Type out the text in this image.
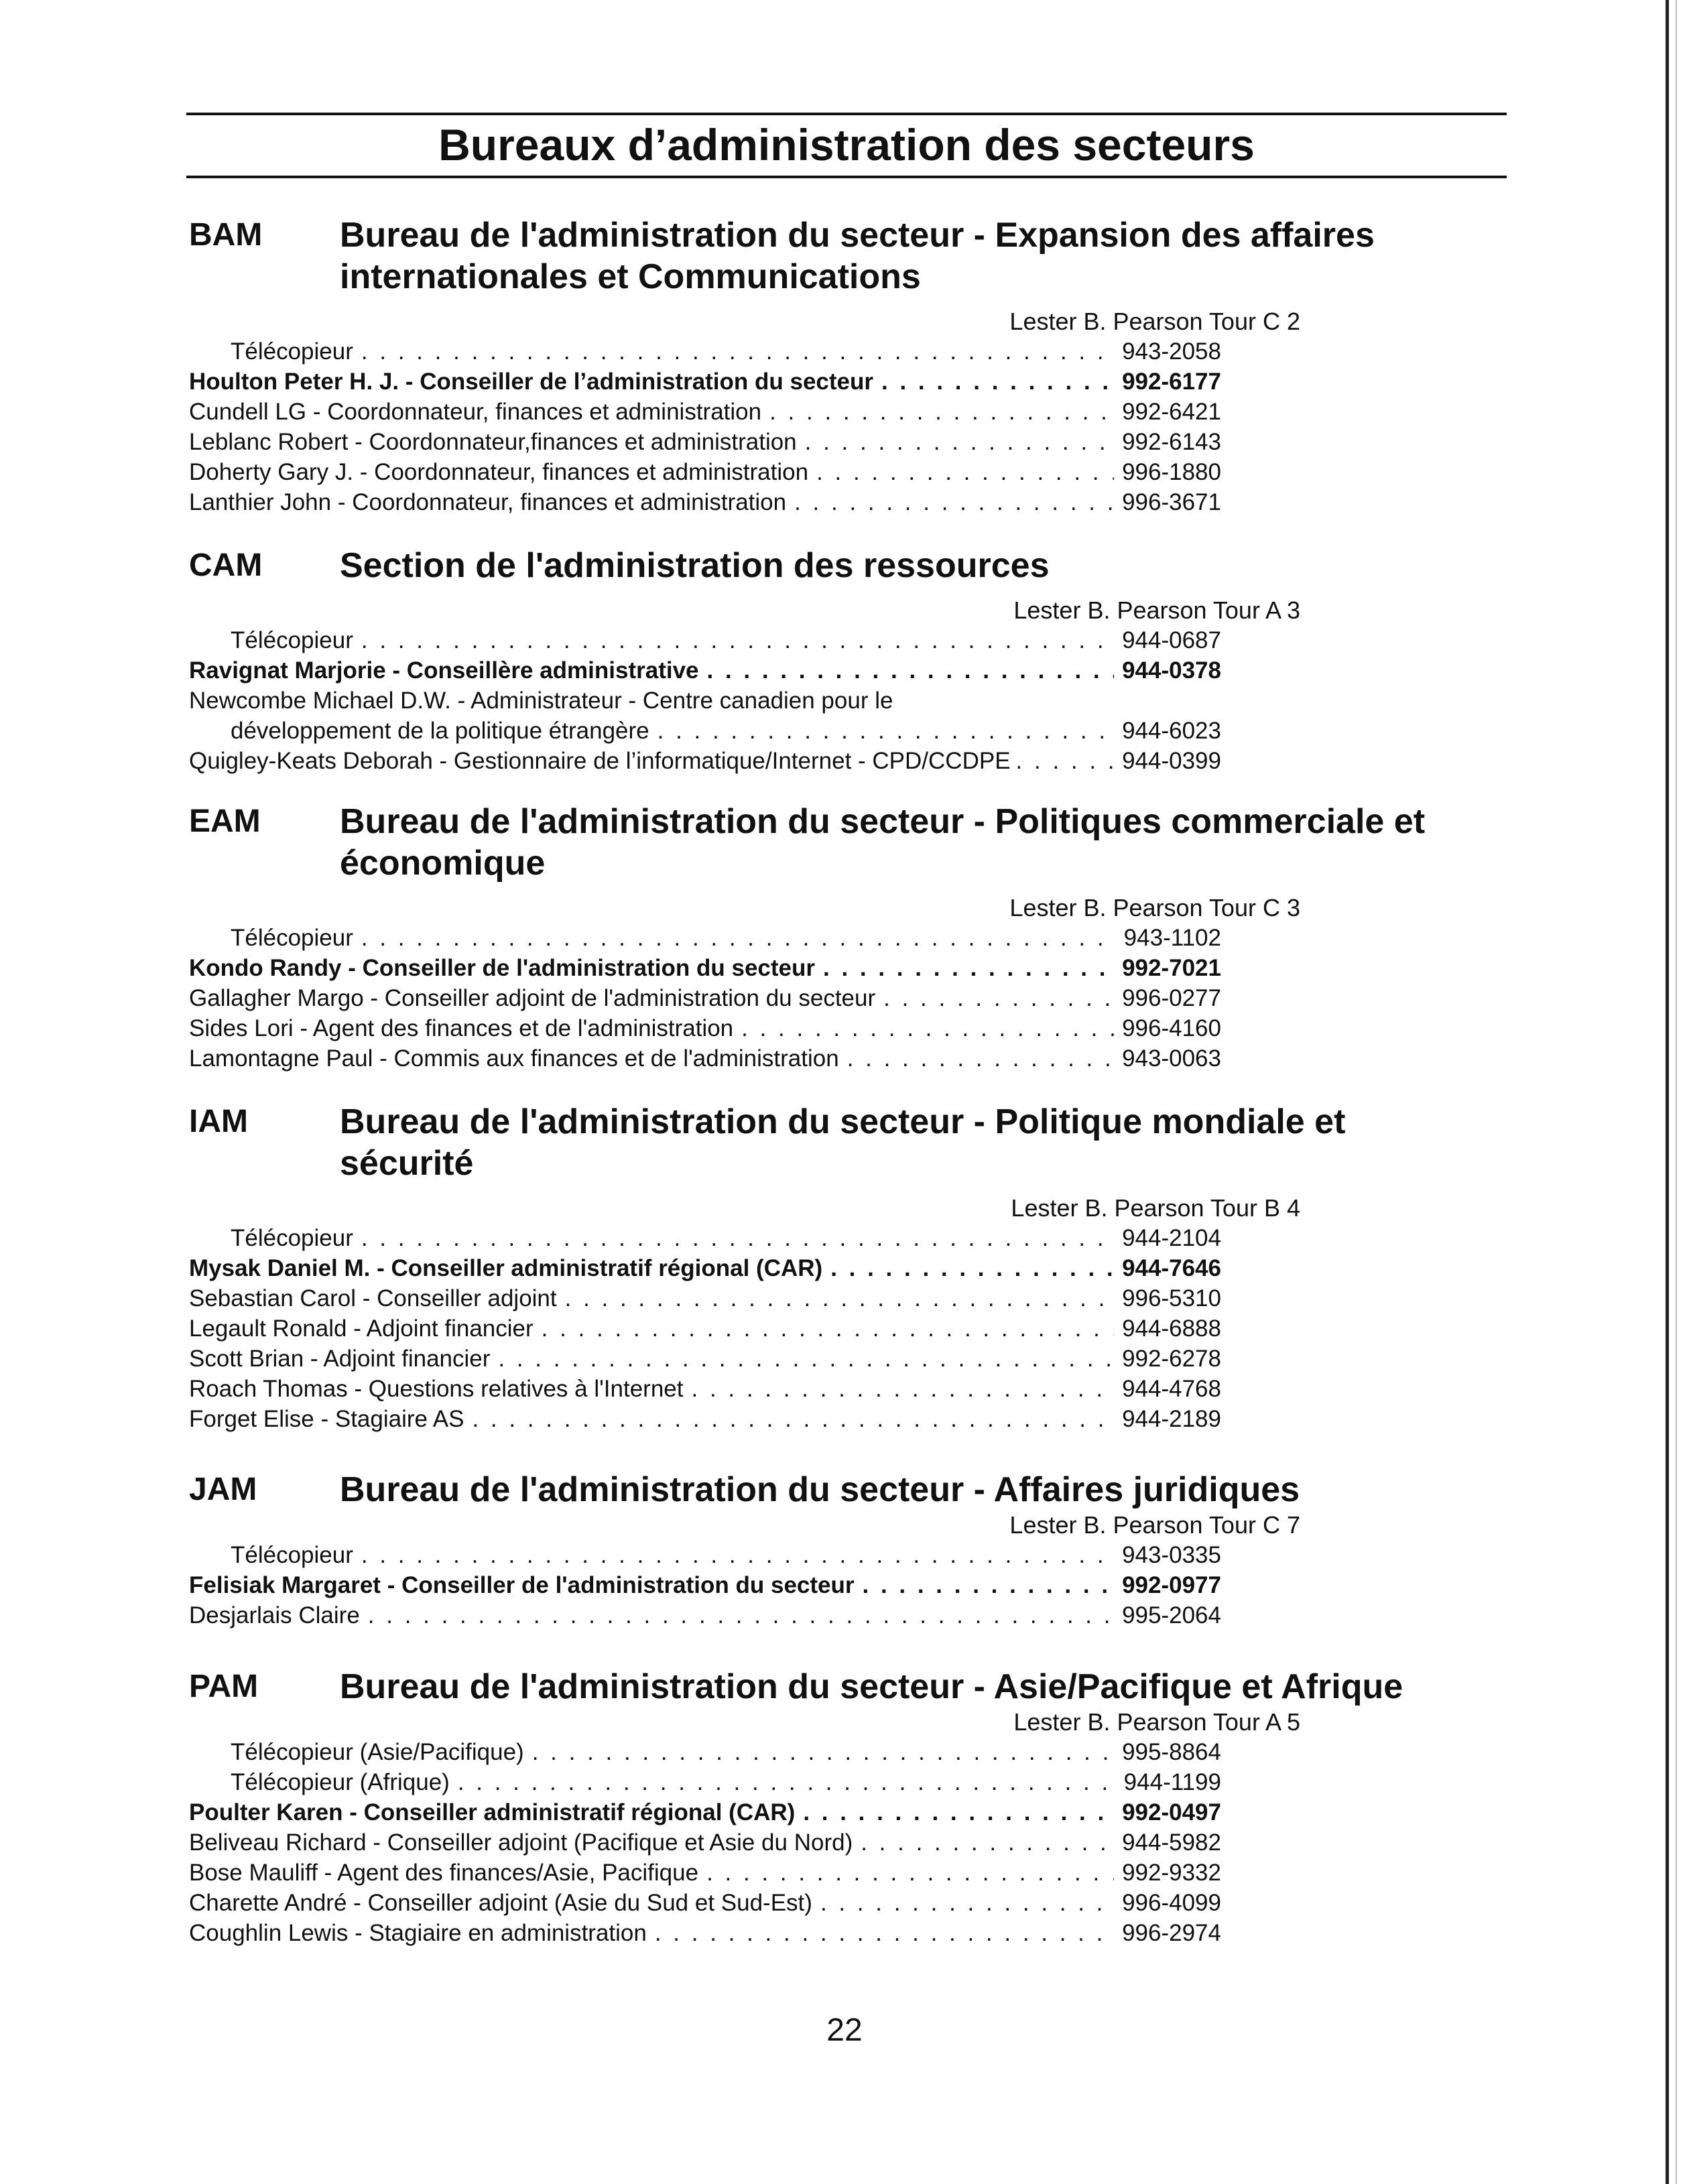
Bureaux d’administration des secteurs
BAM	Bureau de l'administration du secteur - Expansion des affaires
internationales et Communications
Lester B. Pearson Tour C 2
Télécopieur . . .	943-2058
Houlton Peter H. J. - Conseiller de l’administration du secteur . . .	992-6177
Cundell LG - Coordonnateur, finances et administration . . .	992-6421
Leblanc Robert - Coordonnateur,finances et administration . . .	992-6143
Doherty Gary J. - Coordonnateur, finances et administration . . .	996-1880
Lanthier John - Coordonnateur, finances et administration . . .	996-3671
CAM	Section de l'administration des ressources
Lester B. Pearson Tour A 3
Télécopieur . . .	944-0687
Ravignat Marjorie - Conseillère administrative . . .	944-0378
Newcombe Michael D.W. - Administrateur - Centre canadien pour le
développement de la politique étrangère . . .	944-6023
Quigley-Keats Deborah - Gestionnaire de l’informatique/Internet - CPD/CCDPE . . .	944-0399
EAM	Bureau de l'administration du secteur - Politiques commerciale et
économique
Lester B. Pearson Tour C 3
Télécopieur . . .	943-1102
Kondo Randy - Conseiller de l'administration du secteur . . .	992-7021
Gallagher Margo - Conseiller adjoint de l'administration du secteur . . .	996-0277
Sides Lori - Agent des finances et de l'administration . . .	996-4160
Lamontagne Paul - Commis aux finances et de l'administration . . .	943-0063
IAM	Bureau de l'administration du secteur - Politique mondiale et
sécurité
Lester B. Pearson Tour B 4
Télécopieur . . .	944-2104
Mysak Daniel M. - Conseiller administratif régional (CAR) . . .	944-7646
Sebastian Carol - Conseiller adjoint . . .	996-5310
Legault Ronald - Adjoint financier . . .	944-6888
Scott Brian - Adjoint financier . . .	992-6278
Roach Thomas - Questions relatives à l'Internet . . .	944-4768
Forget Elise - Stagiaire AS . . .	944-2189
JAM	Bureau de l'administration du secteur - Affaires juridiques
Lester B. Pearson Tour C 7
Télécopieur . . .	943-0335
Felisiak Margaret - Conseiller de l'administration du secteur . . .	992-0977
Desjarlais Claire . . .	995-2064
PAM	Bureau de l'administration du secteur - Asie/Pacifique et Afrique
Lester B. Pearson Tour A 5
Télécopieur (Asie/Pacifique) . . .	995-8864
Télécopieur (Afrique) . . .	944-1199
Poulter Karen - Conseiller administratif régional (CAR) . . .	992-0497
Beliveau Richard - Conseiller adjoint (Pacifique et Asie du Nord) . . .	944-5982
Bose Mauliff - Agent des finances/Asie, Pacifique . . .	992-9332
Charette André - Conseiller adjoint (Asie du Sud et Sud-Est) . . .	996-4099
Coughlin Lewis - Stagiaire en administration . . .	996-2974
22
